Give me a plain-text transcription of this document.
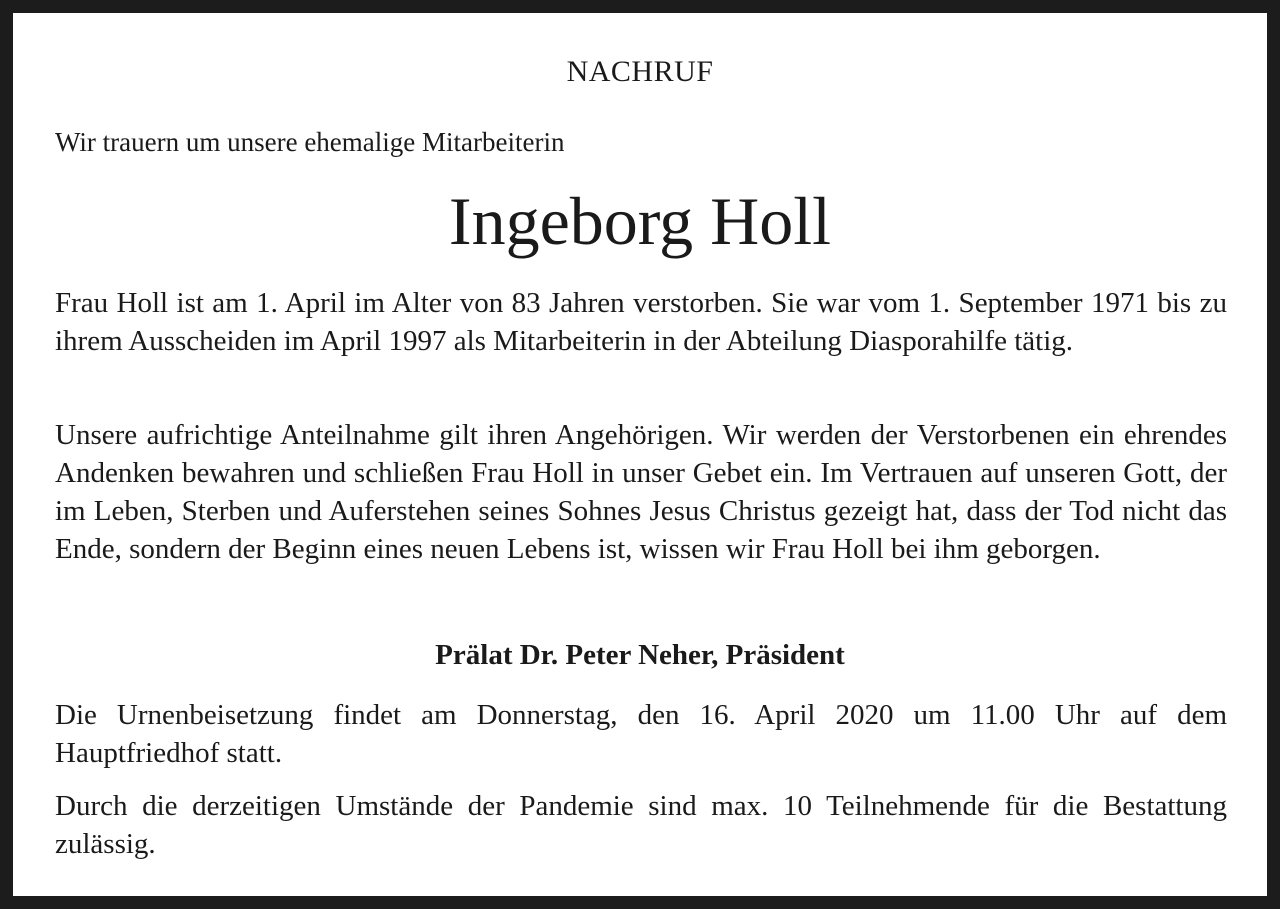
NACHRUF
Wir trauern um unsere ehemalige Mitarbeiterin
Ingeborg Holl

Frau Holl ist am 1. April im Alter von 83 Jahren verstorben. Sie war vom 1. September 1971 bis zu ihrem Ausscheiden im April 1997 als Mitarbeiterin in der Abteilung Diasporahilfe tätig.

Unsere aufrichtige Anteilnahme gilt ihren Angehörigen. Wir werden der Verstorbenen ein ehrendes Andenken bewahren und schließen Frau Holl in unser Gebet ein. Im Vertrauen auf unseren Gott, der im Leben, Sterben und Auferstehen seines Sohnes Jesus Christus gezeigt hat, dass der Tod nicht das Ende, sondern der Beginn eines neuen Lebens ist, wissen wir Frau Holl bei ihm geborgen.

Prälat Dr. Peter Neher, Präsident

Die Urnenbeisetzung findet am Donnerstag, den 16. April 2020 um 11.00 Uhr auf dem Hauptfriedhof statt.

Durch die derzeitigen Umstände der Pandemie sind max. 10 Teilnehmende für die Bestattung zulässig.
